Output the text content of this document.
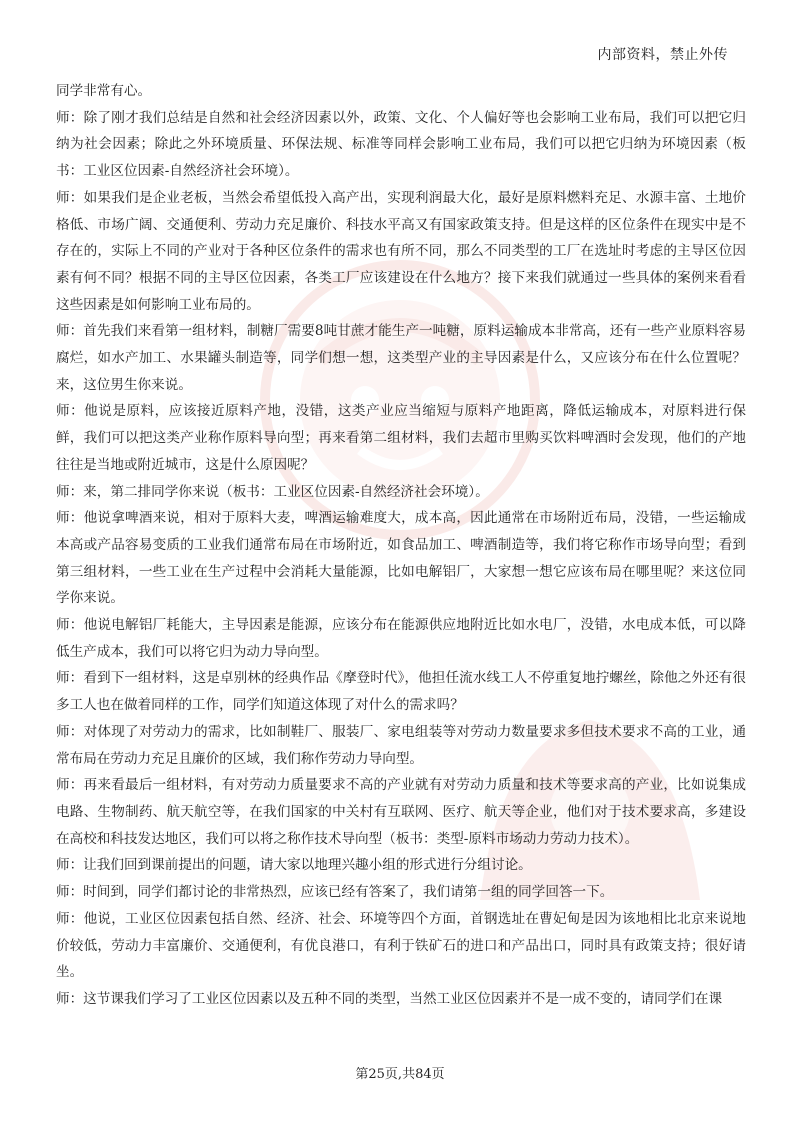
内部资料，禁止外传

同学非常有心。

师：除了刚才我们总结是自然和社会经济因素以外，政策、文化、个人偏好等也会影响工业布局，我们可以把它归纳为社会因素；除此之外环境质量、环保法规、标准等同样会影响工业布局，我们可以把它归纳为环境因素（板书：工业区位因素-自然经济社会环境）。

师：如果我们是企业老板，当然会希望低投入高产出，实现利润最大化，最好是原料燃料充足、水源丰富、土地价格低、市场广阔、交通便利、劳动力充足廉价、科技水平高又有国家政策支持。但是这样的区位条件在现实中是不存在的，实际上不同的产业对于各种区位条件的需求也有所不同，那么不同类型的工厂在选址时考虑的主导区位因素有何不同？根据不同的主导区位因素，各类工厂应该建设在什么地方？接下来我们就通过一些具体的案例来看看这些因素是如何影响工业布局的。

师：首先我们来看第一组材料，制糖厂需要8吨甘蔗才能生产一吨糖，原料运输成本非常高，还有一些产业原料容易腐烂，如水产加工、水果罐头制造等，同学们想一想，这类型产业的主导因素是什么，又应该分布在什么位置呢？来，这位男生你来说。

师：他说是原料，应该接近原料产地，没错，这类产业应当缩短与原料产地距离，降低运输成本，对原料进行保鲜，我们可以把这类产业称作原料导向型；再来看第二组材料，我们去超市里购买饮料啤酒时会发现，他们的产地往往是当地或附近城市，这是什么原因呢？

师：来，第二排同学你来说（板书：工业区位因素-自然经济社会环境）。

师：他说拿啤酒来说，相对于原料大麦，啤酒运输难度大，成本高，因此通常在市场附近布局，没错，一些运输成本高或产品容易变质的工业我们通常布局在市场附近，如食品加工、啤酒制造等，我们将它称作市场导向型；看到第三组材料，一些工业在生产过程中会消耗大量能源，比如电解铝厂，大家想一想它应该布局在哪里呢？来这位同学你来说。

师：他说电解铝厂耗能大，主导因素是能源，应该分布在能源供应地附近比如水电厂，没错，水电成本低，可以降低生产成本，我们可以将它归为动力导向型。

师：看到下一组材料，这是卓别林的经典作品《摩登时代》，他担任流水线工人不停重复地拧螺丝，除他之外还有很多工人也在做着同样的工作，同学们知道这体现了对什么的需求吗？

师：对体现了对劳动力的需求，比如制鞋厂、服装厂、家电组装等对劳动力数量要求多但技术要求不高的工业，通常布局在劳动力充足且廉价的区域，我们称作劳动力导向型。

师：再来看最后一组材料，有对劳动力质量要求不高的产业就有对劳动力质量和技术等要求高的产业，比如说集成电路、生物制药、航天航空等，在我们国家的中关村有互联网、医疗、航天等企业，他们对于技术要求高，多建设在高校和科技发达地区，我们可以将之称作技术导向型（板书：类型-原料市场动力劳动力技术）。

师：让我们回到课前提出的问题，请大家以地理兴趣小组的形式进行分组讨论。

师：时间到，同学们都讨论的非常热烈，应该已经有答案了，我们请第一组的同学回答一下。

师：他说，工业区位因素包括自然、经济、社会、环境等四个方面，首钢选址在曹妃甸是因为该地相比北京来说地价较低，劳动力丰富廉价、交通便利，有优良港口，有利于铁矿石的进口和产品出口，同时具有政策支持；很好请坐。

师：这节课我们学习了工业区位因素以及五种不同的类型，当然工业区位因素并不是一成不变的，请同学们在课

第25页,共84页
